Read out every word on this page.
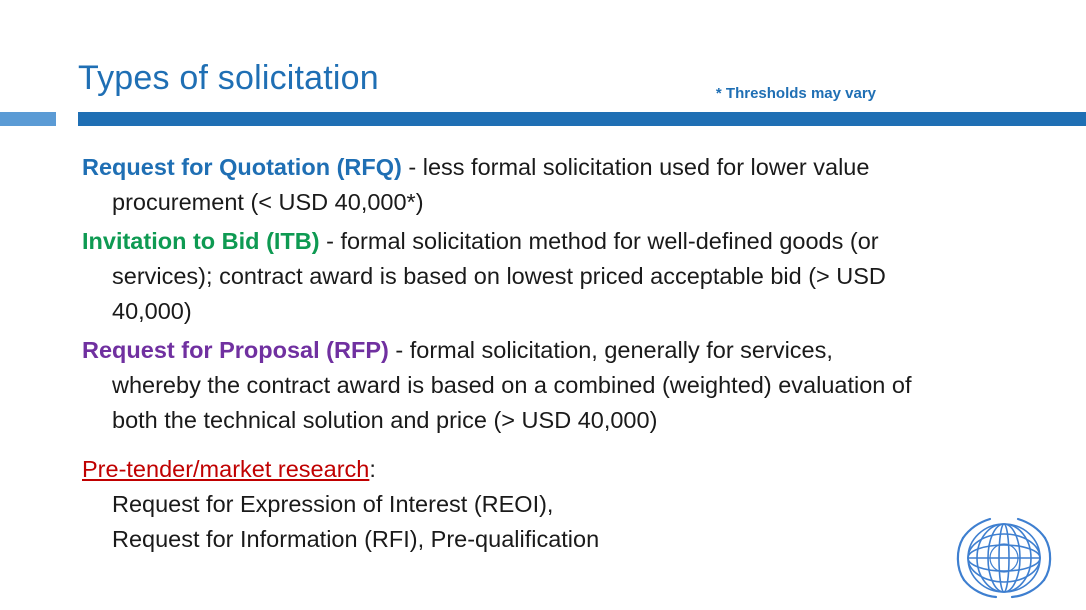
Types of solicitation	* Thresholds may vary

Request for Quotation (RFQ) - less formal solicitation used for lower value procurement (< USD 40,000*)

Invitation to Bid (ITB) - formal solicitation method for well-defined goods (or services); contract award is based on lowest priced acceptable bid (> USD 40,000)

Request for Proposal (RFP) - formal solicitation, generally for services, whereby the contract award is based on a combined (weighted) evaluation of both the technical solution and price (> USD 40,000)

Pre-tender/market research:

Request for Expression of Interest (REOI),
Request for Information (RFI), Pre-qualification
